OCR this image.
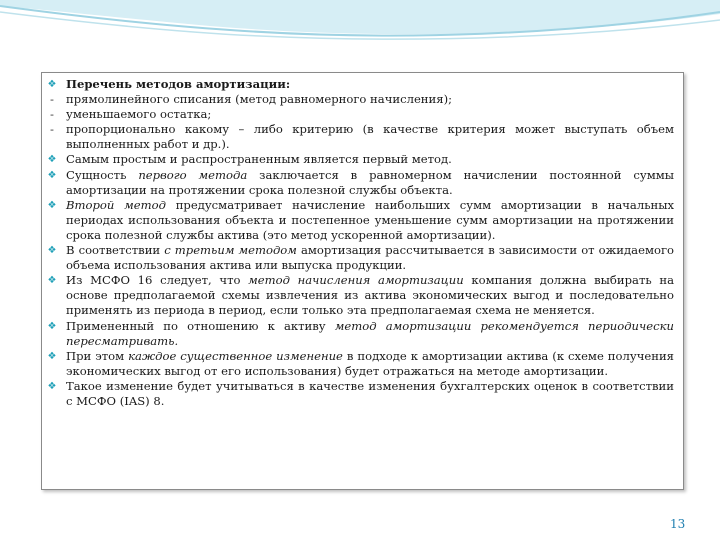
❖ Перечень методов амортизации:
-	прямолинейного списания (метод равномерного начисления);
-	уменьшаемого остатка;
-	пропорционально какому – либо критерию (в качестве критерия может выступать объем выполненных работ и др.).
❖ Самым простым и распространенным является первый метод.
❖ Сущность первого метода заключается в равномерном начислении постоянной суммы амортизации на протяжении срока полезной службы объекта.
❖ Второй метод предусматривает начисление наибольших сумм амортизации в начальных периодах использования объекта и постепенное уменьшение сумм амортизации на протяжении срока полезной службы актива (это метод ускоренной амортизации).
❖ В соответствии с третьим методом амортизация рассчитывается в зависимости от ожидаемого объема использования актива или выпуска продукции.
❖ Из МСФО 16 следует, что метод начисления амортизации компания должна выбирать на основе предполагаемой схемы извлечения из актива экономических выгод и последовательно применять из периода в период, если только эта предполагаемая схема не меняется.
❖ Примененный по отношению к активу метод амортизации рекомендуется периодически пересматривать.
❖ При этом каждое существенное изменение в подходе к амортизации актива (к схеме получения экономических выгод от его использования) будет отражаться на методе амортизации.
❖ Такое изменение будет учитываться в качестве изменения бухгалтерских оценок в соответствии с МСФО (IAS) 8.
13
